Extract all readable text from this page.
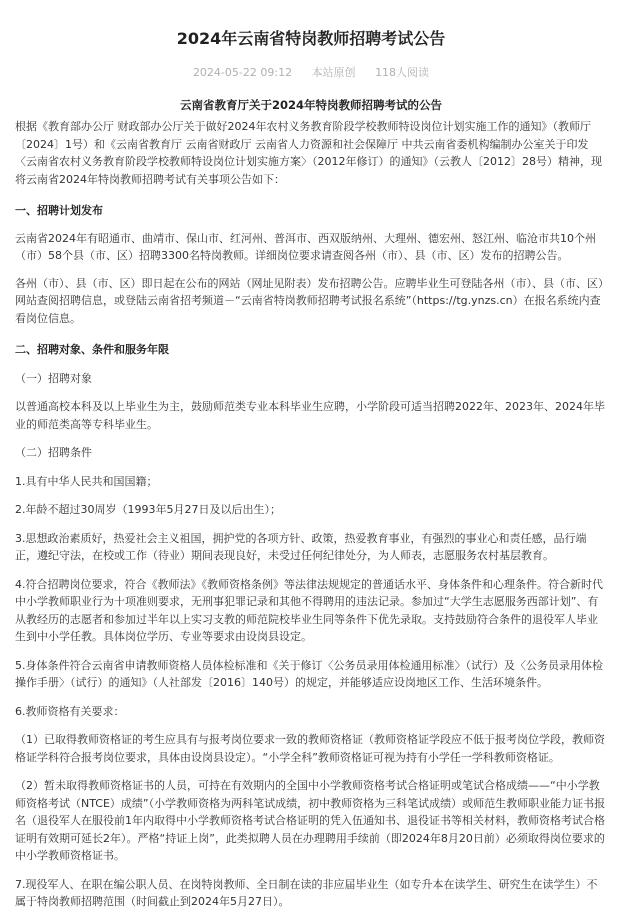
2024年云南省特岗教师招聘考试公告
2024-05-22 09:12 本站原创 118人阅读
云南省教育厅关于2024年特岗教师招聘考试的公告

根据《教育部办公厅 财政部办公厅关于做好2024年农村义务教育阶段学校教师特设岗位计划实施工作的通知》（教师厅〔2024〕1号）和《云南省教育厅 云南省财政厅 云南省人力资源和社会保障厅 中共云南省委机构编制办公室关于印发〈云南省农村义务教育阶段学校教师特设岗位计划实施方案〉（2012年修订）的通知》（云教人〔2012〕28号）精神，现将云南省2024年特岗教师招聘考试有关事项公告如下：

一、招聘计划发布

云南省2024年有昭通市、曲靖市、保山市、红河州、普洱市、西双版纳州、大理州、德宏州、怒江州、临沧市共10个州（市）58个县（市、区）招聘3300名特岗教师。详细岗位要求请查阅各州（市）、县（市、区）发布的招聘公告。

各州（市）、县（市、区）即日起在公布的网站（网址见附表）发布招聘公告。应聘毕业生可登陆各州（市）、县（市、区）网站查阅招聘信息，或登陆云南省招考频道－“云南省特岗教师招聘考试报名系统”（https://tg.ynzs.cn）在报名系统内查看岗位信息。

二、招聘对象、条件和服务年限

（一）招聘对象

以普通高校本科及以上毕业生为主，鼓励师范类专业本科毕业生应聘，小学阶段可适当招聘2022年、2023年、2024年毕业的师范类高等专科毕业生。

（二）招聘条件

1.具有中华人民共和国国籍；

2.年龄不超过30周岁（1993年5月27日及以后出生）；

3.思想政治素质好，热爱社会主义祖国，拥护党的各项方针、政策，热爱教育事业，有强烈的事业心和责任感，品行端正，遵纪守法，在校或工作（待业）期间表现良好，未受过任何纪律处分，为人师表，志愿服务农村基层教育。

4.符合招聘岗位要求，符合《教师法》《教师资格条例》等法律法规规定的普通话水平、身体条件和心理条件。符合新时代中小学教师职业行为十项准则要求，无刑事犯罪记录和其他不得聘用的违法记录。参加过“大学生志愿服务西部计划”、有从教经历的志愿者和参加过半年以上实习支教的师范院校毕业生同等条件下优先录取。支持鼓励符合条件的退役军人毕业生到中小学任教。具体岗位学历、专业等要求由设岗县设定。

5.身体条件符合云南省申请教师资格人员体检标准和《关于修订〈公务员录用体检通用标准〉（试行）及〈公务员录用体检操作手册〉（试行）的通知》（人社部发〔2016〕140号）的规定，并能够适应设岗地区工作、生活环境条件。

6.教师资格有关要求：

（1）已取得教师资格证的考生应具有与报考岗位要求一致的教师资格证（教师资格证学段应不低于报考岗位学段，教师资格证学科符合报考岗位要求，具体由设岗县设定）。“小学全科”教师资格证可视为持有小学任一学科教师资格证。

（2）暂未取得教师资格证书的人员，可持在有效期内的全国中小学教师资格考试合格证明或笔试合格成绩——“中小学教师资格考试（NTCE）成绩”（小学教师资格为两科笔试成绩，初中教师资格为三科笔试成绩）或师范生教师职业能力证书报名（退役军人在服役前1年内取得中小学教师资格考试合格证明的凭入伍通知书、退役证书等相关材料，教师资格考试合格证明有效期可延长2年）。严格“持证上岗”，此类拟聘人员在办理聘用手续前（即2024年8月20日前）必须取得岗位要求的中小学教师资格证书。

7.现役军人、在职在编公职人员、在岗特岗教师、全日制在读的非应届毕业生（如专升本在读学生、研究生在读学生）不属于特岗教师招聘范围（时间截止到2024年5月27日）。
